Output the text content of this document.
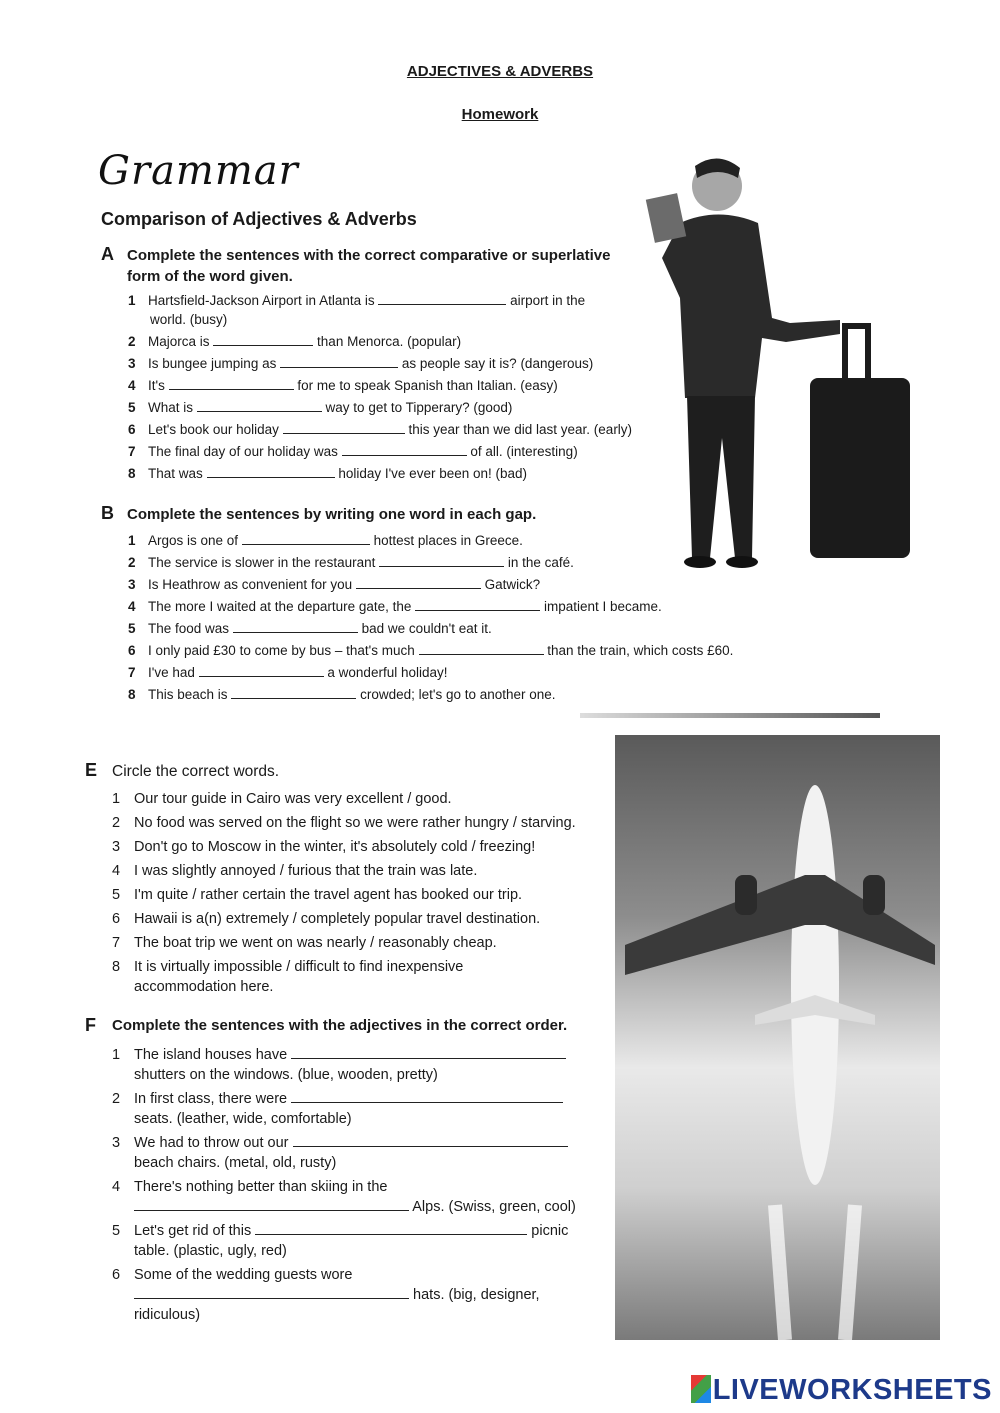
ADJECTIVES & ADVERBS
Homework
Grammar
Comparison of Adjectives & Adverbs
A Complete the sentences with the correct comparative or superlative
form of the word given.
1 Hartsfield-Jackson Airport in Atlanta is	airport in the
world. (busy)
2 Majorca is	than Menorca. (popular)
3 Is bungee jumping as	as people say it is? (dangerous)
4 It's	for me to speak Spanish than Italian. (easy)
5 What is	way to get to Tipperary? (good)
6 Let's book our holiday	this year than we did last year. (early)
7 The final day of our holiday was	of all. (interesting)
8 That was	holiday I've ever been on! (bad)
B Complete the sentences by writing one word in each gap.
1 Argos is one of	hottest places in Greece.
2 The service is slower in the restaurant	in the café.
3 Is Heathrow as convenient for you	Gatwick?
4 The more I waited at the departure gate, the	impatient I became.
5 The food was	bad we couldn't eat it.
6 I only paid £30 to come by bus – that's much	than the train, which costs £60.
7 I've had	a wonderful holiday!
8 This beach is	crowded; let's go to another one.
E Circle the correct words.
1 Our tour guide in Cairo was very excellent / good.
2 No food was served on the flight so we were rather hungry / starving.
3 Don't go to Moscow in the winter, it's absolutely cold / freezing!
4 I was slightly annoyed / furious that the train was late.
5 I'm quite / rather certain the travel agent has booked our trip.
6 Hawaii is a(n) extremely / completely popular travel destination.
7 The boat trip we went on was nearly / reasonably cheap.
8 It is virtually impossible / difficult to find inexpensive
accommodation here.
F Complete the sentences with the adjectives in the correct order.
1 The island houses have
shutters on the windows. (blue, wooden, pretty)
2 In first class, there were
seats. (leather, wide, comfortable)
3 We had to throw out our
beach chairs. (metal, old, rusty)
4 There's nothing better than skiing in the
Alps. (Swiss, green, cool)
5 Let's get rid of this	picnic
table. (plastic, ugly, red)
6 Some of the wedding guests wore
hats. (big, designer,
ridiculous)
LIVEWORKSHEETS
